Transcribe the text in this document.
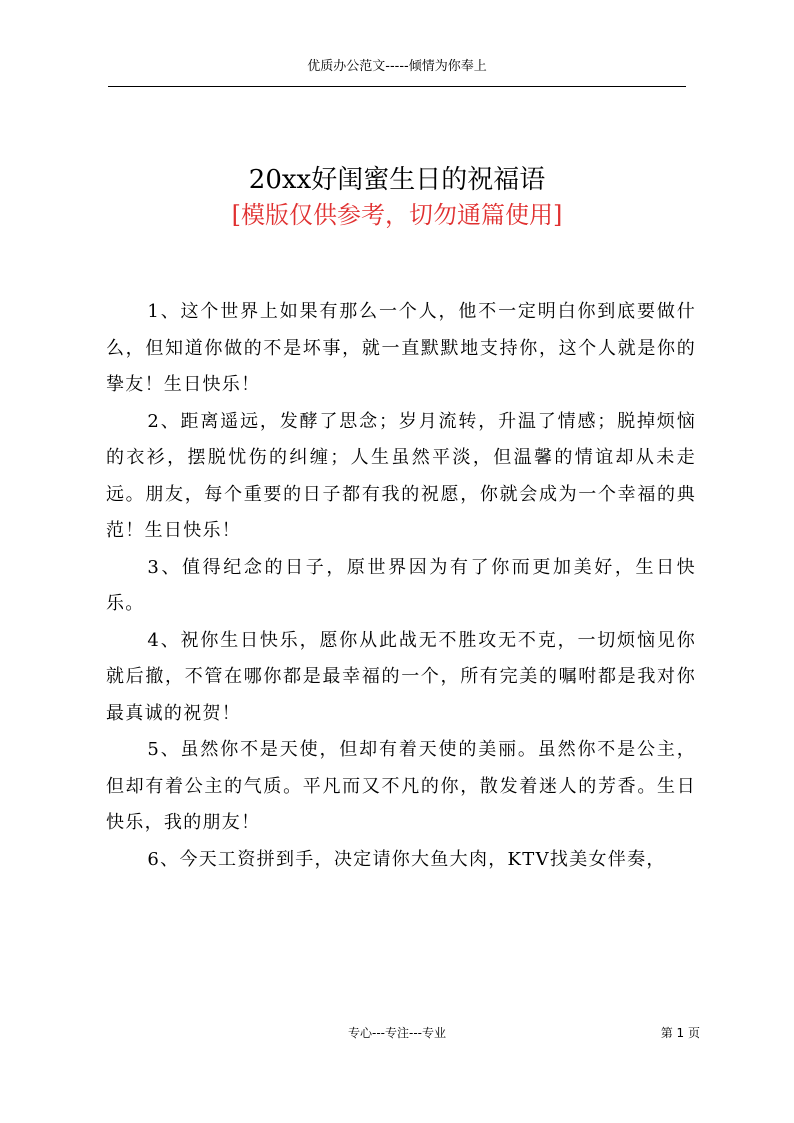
优质办公范文-----倾情为你奉上
20xx好闺蜜生日的祝福语
[模版仅供参考，切勿通篇使用]

1、这个世界上如果有那么一个人，他不一定明白你到底要做什么，但知道你做的不是坏事，就一直默默地支持你，这个人就是你的挚友！生日快乐！

2、距离遥远，发酵了思念；岁月流转，升温了情感；脱掉烦恼的衣衫，摆脱忧伤的纠缠；人生虽然平淡，但温馨的情谊却从未走远。朋友，每个重要的日子都有我的祝愿，你就会成为一个幸福的典范！生日快乐！

3、值得纪念的日子，原世界因为有了你而更加美好，生日快乐。

4、祝你生日快乐，愿你从此战无不胜攻无不克，一切烦恼见你就后撤，不管在哪你都是最幸福的一个，所有完美的嘱咐都是我对你最真诚的祝贺！

5、虽然你不是天使，但却有着天使的美丽。虽然你不是公主，但却有着公主的气质。平凡而又不凡的你，散发着迷人的芳香。生日快乐，我的朋友！

6、今天工资拼到手，决定请你大鱼大肉，KTV找美女伴奏，

专心---专注---专业	第 1 页
